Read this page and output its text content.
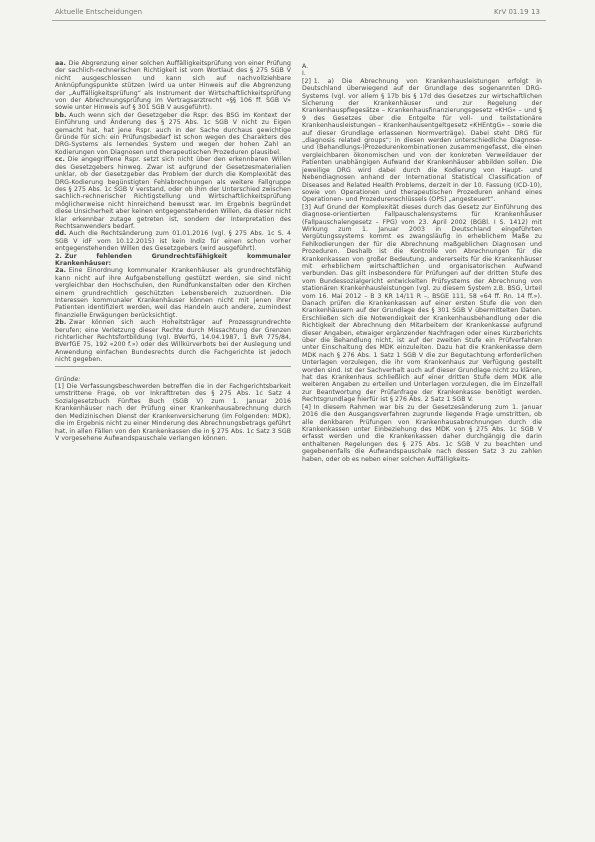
Aktuelle Entscheidungen	KrV 01.19 13

aa. Die Abgrenzung einer solchen Auffälligkeitsprüfung von einer Prüfung der sachlich-rechnerischen Richtigkeit ist vom Wortlaut des § 275 SGB V nicht ausgeschlossen und kann sich auf nachvollziehbare Anknüpfungspunkte stützen (wird ua unter Hinweis auf die Abgrenzung der „Auffälligkeitsprüfung“ als Instrument der Wirtschaftlichkeitsprüfung von der Abrechnungsprüfung im Vertragsarztrecht «§§ 106 ff. SGB V» sowie unter Hinweis auf § 301 SGB V ausgeführt).

bb. Auch wenn sich der Gesetzgeber die Rspr. des BSG im Kontext der Einführung und Änderung des § 275 Abs. 1c SGB V nicht zu Eigen gemacht hat, hat jene Rspr. auch in der Sache durchaus gewichtige Gründe für sich: ein Prüfungsbedarf ist schon wegen des Charakters des DRG-Systems als lernendes System und wegen der hohen Zahl an Kodierungen von Diagnosen und therapeutischen Prozeduren plausibel.

cc. Die angegriffene Rspr. setzt sich nicht über den erkennbaren Willen des Gesetzgebers hinweg. Zwar ist aufgrund der Gesetzesmaterialien unklar, ob der Gesetzgeber das Problem der durch die Komplexität des DRG-Kodierung begünstigten Fehlabrechnungen als weitere Fallgruppe des § 275 Abs. 1c SGB V verstand, oder ob ihm der Unterschied zwischen sachlich-rechnerischer Richtigstellung und Wirtschaftlichkeitsprüfung möglicherweise nicht hinreichend bewusst war. Im Ergebnis begründet diese Unsicherheit aber keinen entgegenstehenden Willen, da dieser nicht klar erkennbar zutage getreten ist, sondern der Interpretation des Rechtsanwenders bedarf.

dd. Auch die Rechtsänderung zum 01.01.2016 (vgl. § 275 Abs. 1c S. 4 SGB V idF vom 10.12.2015) ist kein Indiz für einen schon vorher entgegenstehenden Willen des Gesetzgebers (wird ausgeführt).

2. Zur fehlenden Grundrechtsfähigkeit kommunaler Krankenhäuser:

2a. Eine Einordnung kommunaler Krankenhäuser als grundrechtsfähig kann nicht auf ihre Aufgabenstellung gestützt werden, sie sind nicht vergleichbar den Hochschulen, den Rundfunkanstalten oder den Kirchen einem grundrechtlich geschützten Lebensbereich zuzuordnen. Die Interessen kommunaler Krankenhäuser können nicht mit jenen ihrer Patienten identifiziert werden, weil das Handeln auch andere, zumindest finanzielle Erwägungen berücksichtigt.

2b. Zwar können sich auch Hoheitsträger auf Prozessgrundrechte berufen; eine Verletzung dieser Rechte durch Missachtung der Grenzen richterlicher Rechtsfortbildung (vgl. BVerfG, 14.04.1987, 1 BvR 775/84, BVerfGE 75, 192 «200 f.») oder des Willkürverbots bei der Auslegung und Anwendung einfachen Bundesrechts durch die Fachgerichte ist jedoch nicht gegeben.

Gründe:

[1] Die Verfassungsbeschwerden betreffen die in der Fachgerichtsbarkeit umstrittene Frage, ob vor Inkrafttreten des § 275 Abs. 1c Satz 4 Sozialgesetzbuch Fünftes Buch (SGB V) zum 1. Januar 2016 Krankenhäuser nach der Prüfung einer Krankenhausabrechnung durch den Medizinischen Dienst der Krankenversicherung (im Folgenden: MDK), die im Ergebnis nicht zu einer Minderung des Abrechnungsbetrags geführt hat, in allen Fällen von den Krankenkassen die in § 275 Abs. 1c Satz 3 SGB V vorgesehene Aufwandspauschale verlangen können.

A.

I.

[2] 1. a) Die Abrechnung von Krankenhausleistungen erfolgt in Deutschland überwiegend auf der Grundlage des sogenannten DRG-Systems (vgl. vor allem § 17b bis § 17d des Gesetzes zur wirtschaftlichen Sicherung der Krankenhäuser und zur Regelung der Krankenhauspflegesätze – Krankenhausfinanzierungsgesetz «KHG» – und § 9 des Gesetzes über die Entgelte für voll- und teilstationäre Krankenhausleistungen – Krankenhausentgeltgesetz «KHEntgG» – sowie die auf dieser Grundlage erlassenen Normverträge). Dabei steht DRG für „diagnosis related groups“; in diesen werden unterschiedliche Diagnose- und (Behandlungs-)Prozedurenkombinationen zusammengefasst, die einen vergleichbaren ökonomischen und von der konkreten Verweildauer der Patienten unabhängigen Aufwand der Krankenhäuser abbilden sollen. Die jeweilige DRG wird dabei durch die Kodierung von Haupt- und Nebendiagnosen anhand der International Statistical Classification of Diseases and Related Health Problems, derzeit in der 10. Fassung (ICD-10), sowie von Operationen und therapeutischen Prozeduren anhand eines Operationen- und Prozedurenschlüssels (OPS) „angesteuert“.

[3] Auf Grund der Komplexität dieses durch das Gesetz zur Einführung des diagnose-orientierten Fallpauschalensystems für Krankenhäuser (Fallpauschalengesetz – FPG) vom 23. April 2002 (BGBl. I S. 1412) mit Wirkung zum 1. Januar 2003 in Deutschland eingeführten Vergütungssystems kommt es zwangsläufig in erheblichem Maße zu Fehlkodierungen der für die Abrechnung maßgeblichen Diagnosen und Prozeduren. Deshalb ist die Kontrolle von Abrechnungen für die Krankenkassen von großer Bedeutung, andererseits für die Krankenhäuser mit erheblichem wirtschaftlichen und organisatorischen Aufwand verbunden. Das gilt insbesondere für Prüfungen auf der dritten Stufe des vom Bundessozialgericht entwickelten Prüfsystems der Abrechnung von stationären Krankenhausleistungen (vgl. zu diesem System z.B. BSG, Urteil vom 16. Mai 2012 – B 3 KR 14/11 R –, BSGE 111, 58 «64 ff. Rn. 14 ff.»). Danach prüfen die Krankenkassen auf einer ersten Stufe die von den Krankenhäusern auf der Grundlage des § 301 SGB V übermittelten Daten. Erschließen sich die Notwendigkeit der Krankenhausbehandlung oder die Richtigkeit der Abrechnung den Mitarbeitern der Krankenkasse aufgrund dieser Angaben, etwaiger ergänzender Nachfragen oder eines Kurzberichts über die Behandlung nicht, ist auf der zweiten Stufe ein Prüfverfahren unter Einschaltung des MDK einzuleiten. Dazu hat die Krankenkasse dem MDK nach § 276 Abs. 1 Satz 1 SGB V die zur Begutachtung erforderlichen Unterlagen vorzulegen, die ihr vom Krankenhaus zur Verfügung gestellt worden sind. Ist der Sachverhalt auch auf dieser Grundlage nicht zu klären, hat das Krankenhaus schließlich auf einer dritten Stufe dem MDK alle weiteren Angaben zu erteilen und Unterlagen vorzulegen, die im Einzelfall zur Beantwortung der Prüfanfrage der Krankenkasse benötigt werden. Rechtsgrundlage hierfür ist § 276 Abs. 2 Satz 1 SGB V.

[4] In diesem Rahmen war bis zu der Gesetzesänderung zum 1. Januar 2016 die den Ausgangsverfahren zugrunde liegende Frage umstritten, ob alle denkbaren Prüfungen von Krankenhausabrechnungen durch die Krankenkassen unter Einbeziehung des MDK von § 275 Abs. 1c SGB V erfasst werden und die Krankenkassen daher durchgängig die darin enthaltenen Regelungen des § 275 Abs. 1c SGB V zu beachten und gegebenenfalls die Aufwandspauschale nach dessen Satz 3 zu zahlen haben, oder ob es neben einer solchen Auffälligkeits-
